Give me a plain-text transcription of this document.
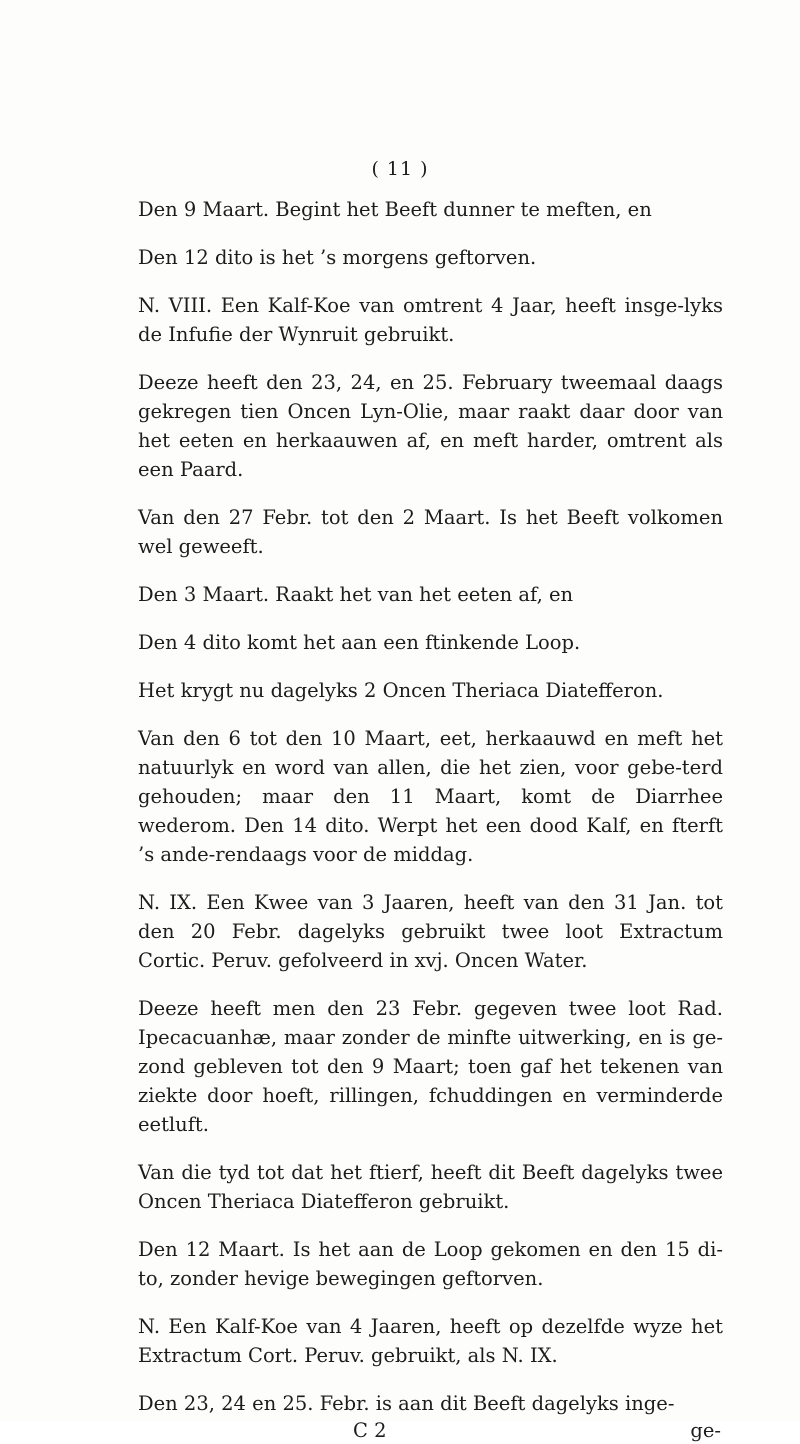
( 11 )

Den 9 Maart. Begint het Beeft dunner te meften, en

Den 12 dito is het ’s morgens geftorven.

N. VIII. Een Kalf-Koe van omtrent 4 Jaar, heeft insge-lyks de Infufie der Wynruit gebruikt.

Deeze heeft den 23, 24, en 25. February tweemaal daags gekregen tien Oncen Lyn-Olie, maar raakt daar door van het eeten en herkaauwen af, en meft harder, omtrent als een Paard.

Van den 27 Febr. tot den 2 Maart. Is het Beeft volkomen wel geweeft.

Den 3 Maart. Raakt het van het eeten af, en

Den 4 dito komt het aan een ftinkende Loop.

Het krygt nu dagelyks 2 Oncen Theriaca Diatefferon.

Van den 6 tot den 10 Maart, eet, herkaauwd en meft het natuurlyk en word van allen, die het zien, voor gebe-terd gehouden; maar den 11 Maart, komt de Diarrhee wederom. Den 14 dito. Werpt het een dood Kalf, en fterft ’s ande-rendaags voor de middag.

N. IX. Een Kwee van 3 Jaaren, heeft van den 31 Jan. tot den 20 Febr. dagelyks gebruikt twee loot Extractum Cortic. Peruv. gefolveerd in xvj. Oncen Water.

Deeze heeft men den 23 Febr. gegeven twee loot Rad. Ipecacuanhæ, maar zonder de minfte uitwerking, en is ge-zond gebleven tot den 9 Maart; toen gaf het tekenen van ziekte door hoeft, rillingen, fchuddingen en verminderde eetluft.

Van die tyd tot dat het ftierf, heeft dit Beeft dagelyks twee Oncen Theriaca Diatefferon gebruikt.

Den 12 Maart. Is het aan de Loop gekomen en den 15 di-to, zonder hevige bewegingen geftorven.

N. Een Kalf-Koe van 4 Jaaren, heeft op dezelfde wyze het Extractum Cort. Peruv. gebruikt, als N. IX.

Den 23, 24 en 25. Febr. is aan dit Beeft dagelyks inge-

C 2	ge-
